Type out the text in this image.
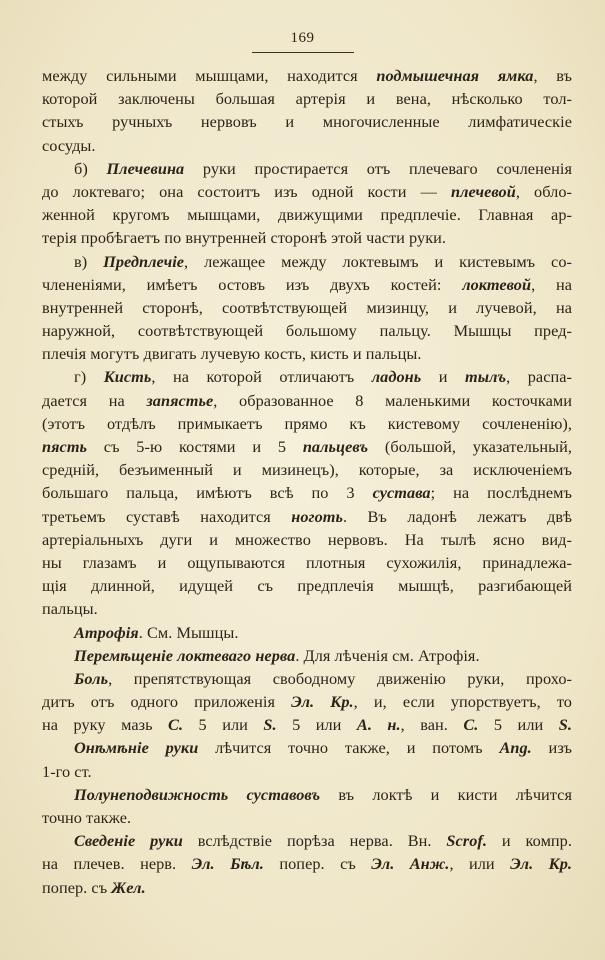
169
между сильными мышцами, находится подмышечная ямка, въ
которой заключены большая артерія и вена, нѣсколько тол-
стыхъ ручныхъ нервовъ и многочисленные лимфатическіе
сосуды.
б) Плечевина руки простирается отъ плечеваго сочлененія
до локтеваго; она состоитъ изъ одной кости — плечевой, обло-
женной кругомъ мышцами, движущими предплечіе. Главная ар-
терія пробѣгаетъ по внутренней сторонѣ этой части руки.
в) Предплечіе, лежащее между локтевымъ и кистевымъ со-
члененіями, имѣетъ остовъ изъ двухъ костей: локтевой, на
внутренней сторонѣ, соотвѣтствующей мизинцу, и лучевой, на
наружной, соотвѣтствующей большому пальцу. Мышцы пред-
плечія могутъ двигать лучевую кость, кисть и пальцы.
г) Кисть, на которой отличаютъ ладонь и тылъ, распа-
дается на запястье, образованное 8 маленькими косточками
(этотъ отдѣлъ примыкаетъ прямо къ кистевому сочлененію),
пясть съ 5-ю костями и 5 пальцевъ (большой, указательный,
средній, безъименный и мизинецъ), которые, за исключеніемъ
большаго пальца, имѣютъ всѣ по 3 сустава; на послѣднемъ
третьемъ суставѣ находится ноготь. Въ ладонѣ лежатъ двѣ
артеріальныхъ дуги и множество нервовъ. На тылѣ ясно вид-
ны глазамъ и ощупываются плотныя сухожилія, принадлежа-
щія длинной, идущей съ предплечія мышцѣ, разгибающей
пальцы.
Атрофія. См. Мышцы.
Перемѣщеніе локтеваго нерва. Для лѣченія см. Атрофія.
Боль, препятствующая свободному движенію руки, прохо-
дитъ отъ одного приложенія Эл. Кр., и, если упорствуетъ, то
на руку мазь С. 5 или S. 5 или А. н., ван. С. 5 или S.
Онѣмѣніе руки лѣчится точно также, и потомъ Ang. изъ
1-го ст.
Полунеподвижность суставовъ въ локтѣ и кисти лѣчится
точно также.
Сведеніе руки вслѣдствіе порѣза нерва. Вн. Scrof. и компр.
на плечев. нерв. Эл. Бѣл. попер. съ Эл. Анж., или Эл. Кр.
попер. съ Жел.
